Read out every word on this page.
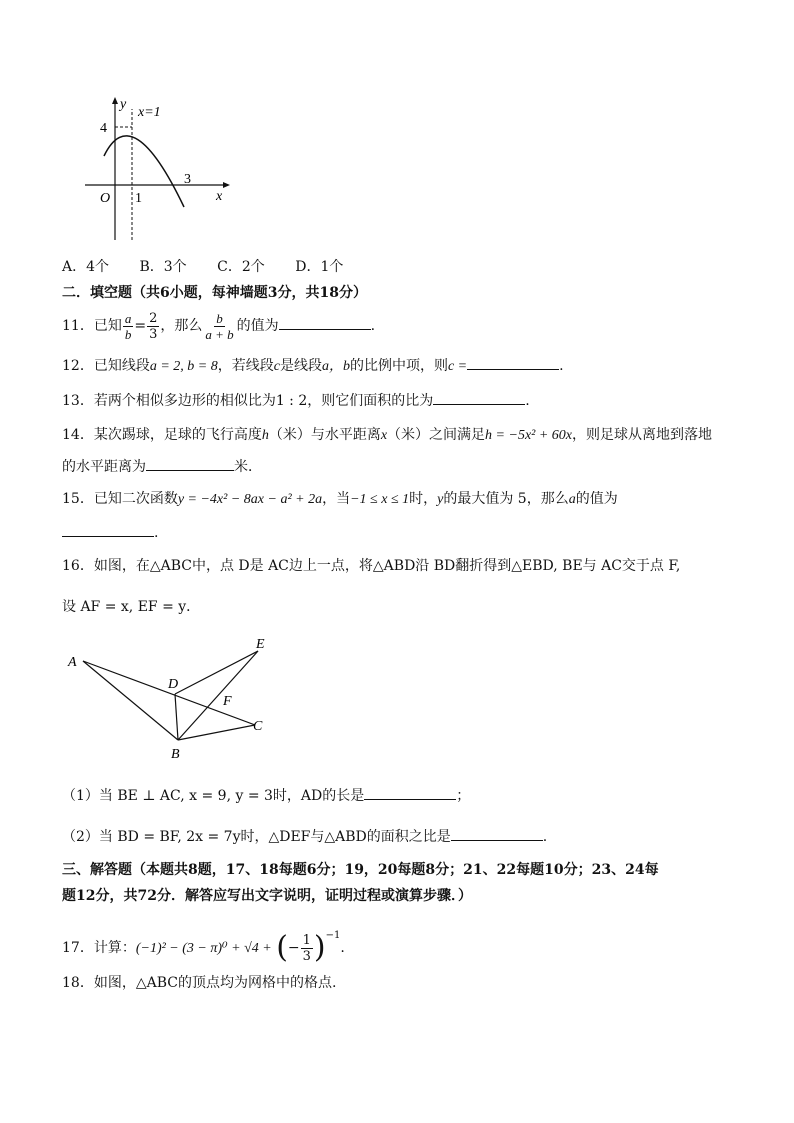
y
x=1
4
O 1
3
x
A．4个 B．3个 C．2个 D．1个
二．填空题（共6小题，每神墙题3分，共18分）
11．已知 $\frac{a}{b} = \frac{2}{3}$ ，那么 $\frac{b}{a + b}$ 的值为	.
12．已知线段a = 2, b = 8，若线段c是线段a，b的比例中项，则c =	.
13．若两个相似多边形的相似比为1 : 2，则它们面积的比为	.
14．某次踢球，足球的飞行高度h（米）与水平距离x（米）之间满足h = −5x² + 60x，则足球从离地到落地
的水平距离为	米．
15．已知二次函数y = −4x² − 8ax − a² + 2a，当−1 ≤ x ≤ 1时，y的最大值为 5，那么a的值为
.
16．如图，在△ABC中，点 D是 AC边上一点，将△ABD沿 BD翻折得到△EBD, BE与 AC交于点 F,
设 AF = x, EF = y．
A
E
D
F
C
B
（1）当 BE ⊥ AC, x = 9, y = 3时，AD的长是	；
（2）当 BD = BF, 2x = 7y时，△DEF与△ABD的面积之比是	.
三、解答题（本题共8题，17、18每题6分；19，20每题8分；21、22每题10分；23、24每
题12分，共72分．解答应写出文字说明，证明过程或演算步骤．）
17．计算：(−1)² − (3 − π)⁰ + √4 + (− $\frac{1}{3} )^{-1}$.
18．如图，△ABC的顶点均为网格中的格点.
